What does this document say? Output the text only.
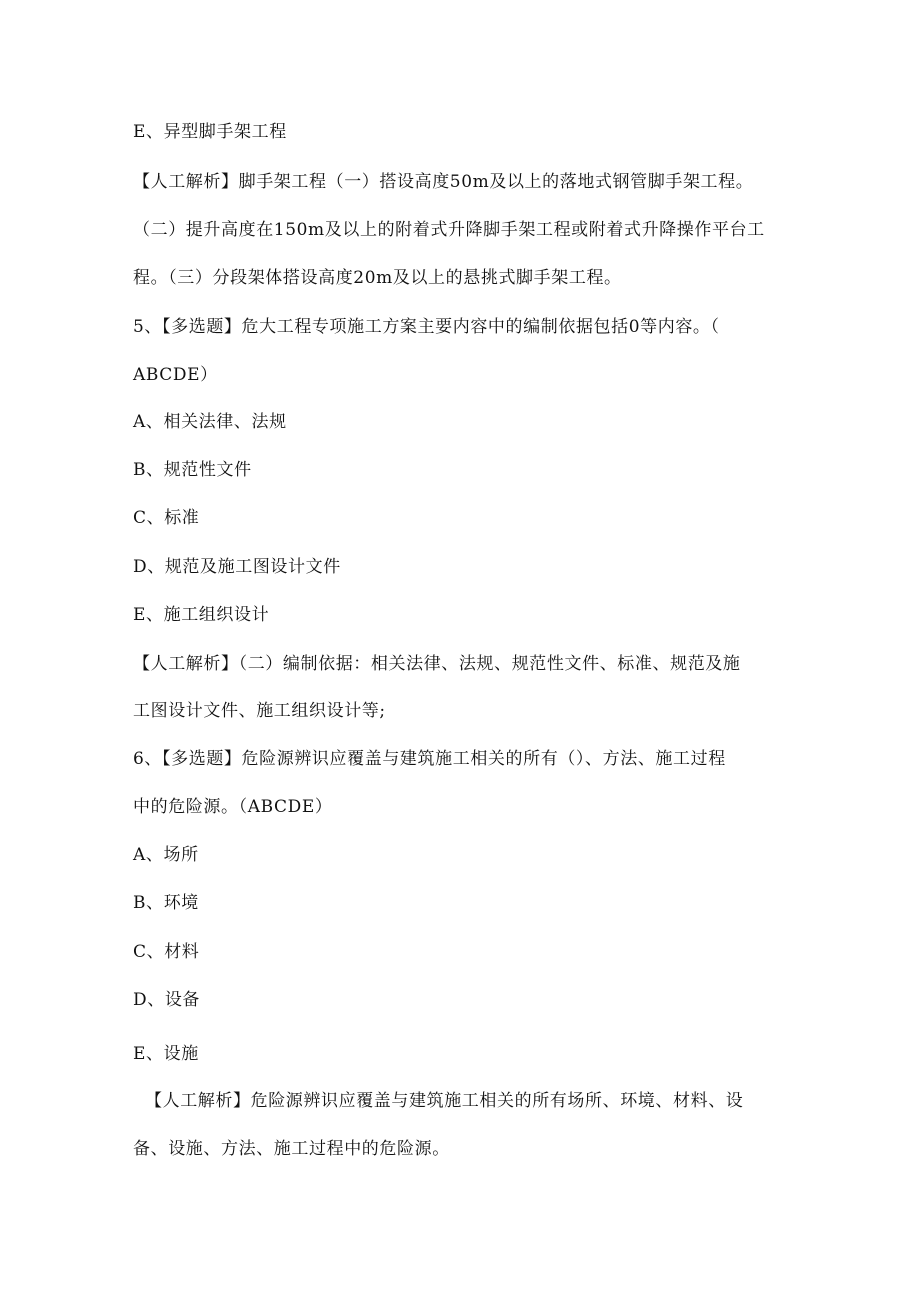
E、异型脚手架工程
【人工解析】脚手架工程（一）搭设高度50m及以上的落地式钢管脚手架工程。
（二）提升高度在150m及以上的附着式升降脚手架工程或附着式升降操作平台工
程。（三）分段架体搭设高度20m及以上的悬挑式脚手架工程。
5、【多选题】危大工程专项施工方案主要内容中的编制依据包括0等内容。（
ABCDE）
A、相关法律、法规
B、规范性文件
C、标准
D、规范及施工图设计文件
E、施工组织设计
【人工解析】（二）编制依据：相关法律、法规、规范性文件、标准、规范及施
工图设计文件、施工组织设计等;
6、【多选题】危险源辨识应覆盖与建筑施工相关的所有（）、方法、施工过程
中的危险源。（ABCDE）
A、场所
B、环境
C、材料
D、设备
E、设施
【人工解析】危险源辨识应覆盖与建筑施工相关的所有场所、环境、材料、设
备、设施、方法、施工过程中的危险源。
